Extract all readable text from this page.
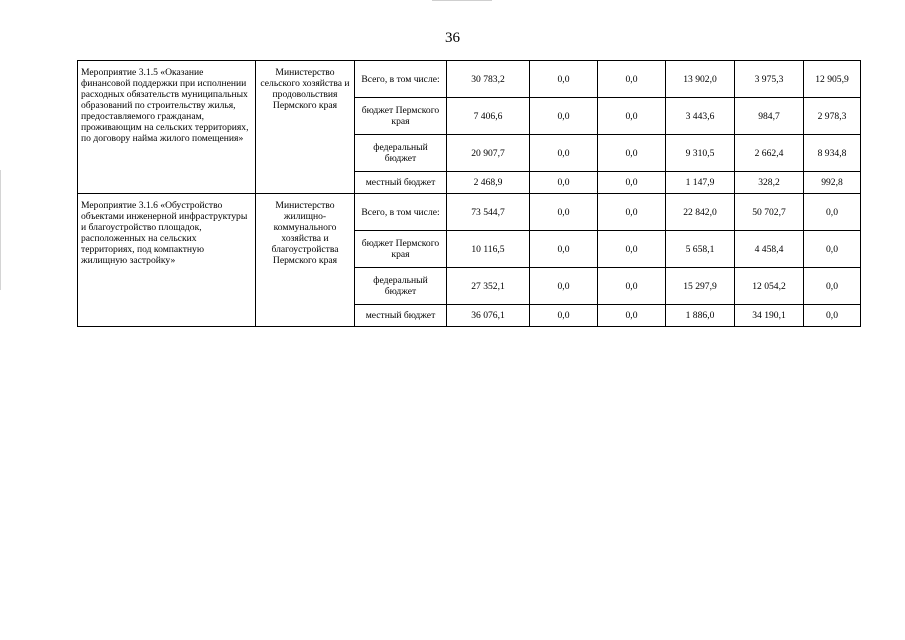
36
Мероприятие 3.1.5 «Оказание финансовой поддержки при исполнении расходных обязательств муниципальных образований по строительству жилья, предоставляемого гражданам, проживающим на сельских территориях, по договору найма жилого помещения»	Министерство сельского хозяйства и продовольствия Пермского края	Всего, в том числе:	30 783,2	0,0	0,0	13 902,0	3 975,3	12 905,9
		бюджет Пермского края	7 406,6	0,0	0,0	3 443,6	984,7	2 978,3
		федеральный бюджет	20 907,7	0,0	0,0	9 310,5	2 662,4	8 934,8
		местный бюджет	2 468,9	0,0	0,0	1 147,9	328,2	992,8
Мероприятие 3.1.6 «Обустройство объектами инженерной инфраструктуры и благоустройство площадок, расположенных на сельских территориях, под компактную жилищную застройку»	Министерство жилищно-коммунального хозяйства и благоустройства Пермского края	Всего, в том числе:	73 544,7	0,0	0,0	22 842,0	50 702,7	0,0
		бюджет Пермского края	10 116,5	0,0	0,0	5 658,1	4 458,4	0,0
		федеральный бюджет	27 352,1	0,0	0,0	15 297,9	12 054,2	0,0
		местный бюджет	36 076,1	0,0	0,0	1 886,0	34 190,1	0,0
